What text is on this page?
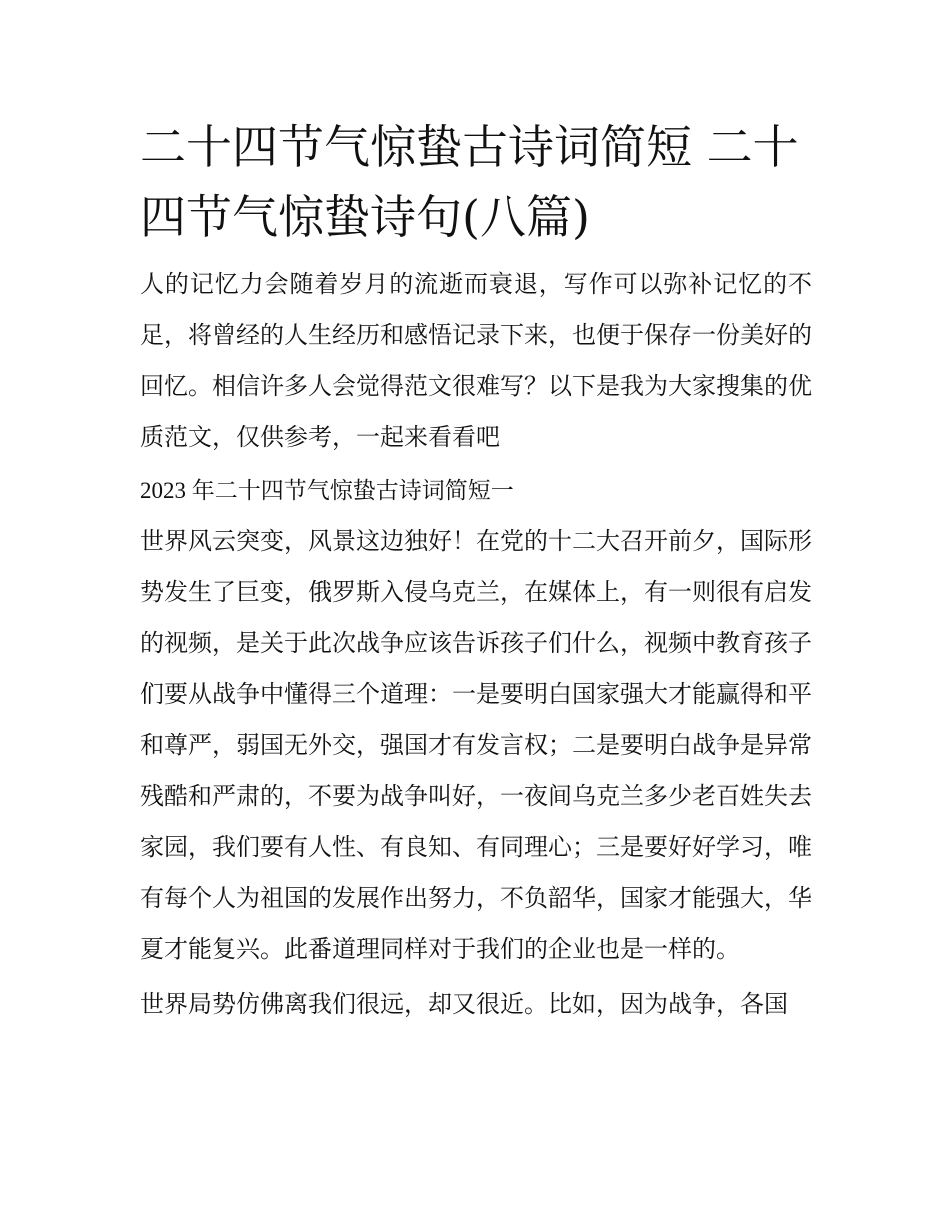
二十四节气惊蛰古诗词简短 二十四节气惊蛰诗句(八篇)

人的记忆力会随着岁月的流逝而衰退，写作可以弥补记忆的不足，将曾经的人生经历和感悟记录下来，也便于保存一份美好的回忆。相信许多人会觉得范文很难写？以下是我为大家搜集的优质范文，仅供参考，一起来看看吧

2023 年二十四节气惊蛰古诗词简短一

世界风云突变，风景这边独好！在党的十二大召开前夕，国际形势发生了巨变，俄罗斯入侵乌克兰，在媒体上，有一则很有启发的视频，是关于此次战争应该告诉孩子们什么，视频中教育孩子们要从战争中懂得三个道理：一是要明白国家强大才能赢得和平和尊严，弱国无外交，强国才有发言权；二是要明白战争是异常残酷和严肃的，不要为战争叫好，一夜间乌克兰多少老百姓失去家园，我们要有人性、有良知、有同理心；三是要好好学习，唯有每个人为祖国的发展作出努力，不负韶华，国家才能强大，华夏才能复兴。此番道理同样对于我们的企业也是一样的。

世界局势仿佛离我们很远，却又很近。比如，因为战争，各国
